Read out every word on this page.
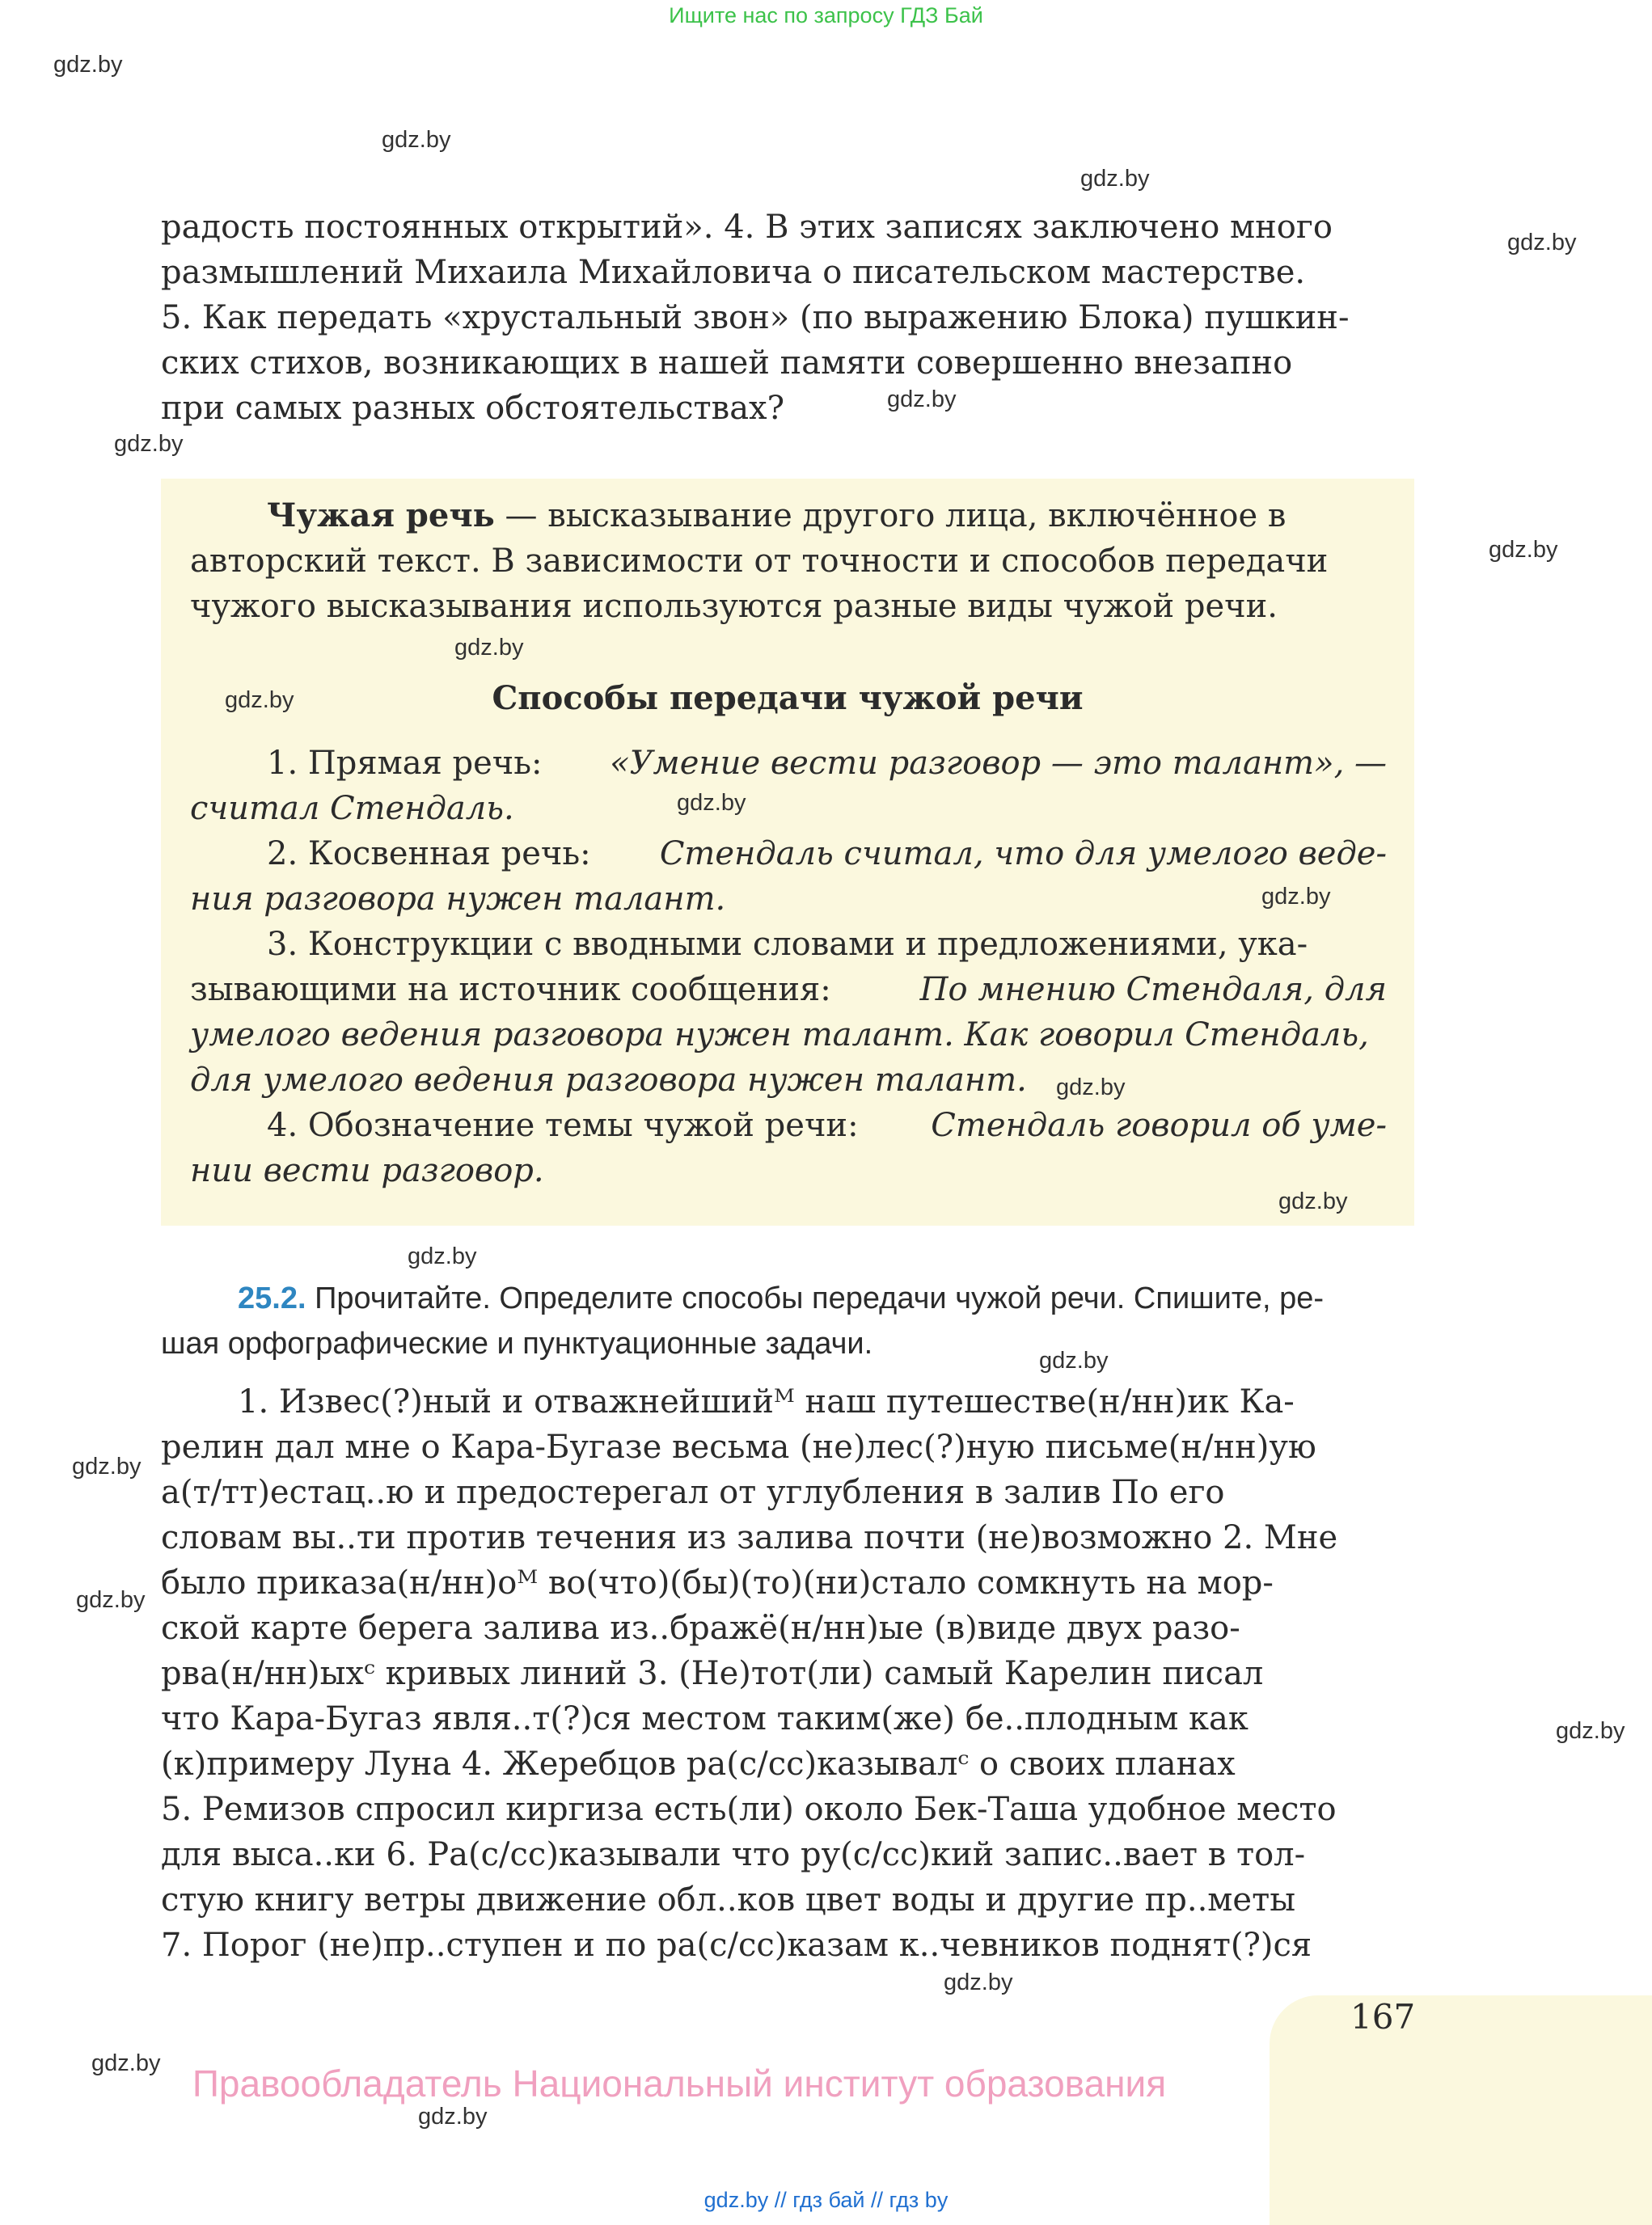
Ищите нас по запросу ГДЗ Бай
gdz.by
gdz.by
gdz.by
gdz.by
gdz.by
gdz.by
gdz.by
gdz.by
gdz.by
gdz.by
gdz.by
gdz.by
gdz.by
gdz.by
gdz.by
gdz.by
gdz.by
gdz.by
gdz.by
gdz.by
gdz.by
радость постоянных открытий». 4. В этих записях заключено много
размышлений Михаила Михайловича о писательском мастерстве.
5. Как передать «хрустальный звон» (по выражению Блока) пушкин-
ских стихов, возникающих в нашей памяти совершенно внезапно
при самых разных обстоятельствах?
Чужая речь — высказывание другого лица, включённое в
авторский текст. В зависимости от точности и способов передачи
чужого высказывания используются разные виды чужой речи.
Способы передачи чужой речи
1. Прямая речь: «Умение вести разговор — это талант», —
считал Стендаль.
2. Косвенная речь: Стендаль считал, что для умелого веде-
ния разговора нужен талант.
3. Конструкции с вводными словами и предложениями, ука-
зывающими на источник сообщения:	По мнению Стендаля, для
умелого ведения разговора нужен талант. Как говорил Стендаль,
для умелого ведения разговора нужен талант.
4. Обозначение темы чужой речи: Стендаль говорил об уме-
нии вести разговор.
25.2. Прочитайте. Определите способы передачи чужой речи. Спишите, ре-
шая орфографические и пунктуационные задачи.
1. Извес(?)ный и отважнейшийᴹ наш путешестве(н/нн)ик Ка-
релин дал мне о Кара-Бугазе весьма (не)лес(?)ную письме(н/нн)ую
а(т/тт)естац..ю и предостерегал от углубления в залив По его
словам вы..ти против течения из залива почти (не)возможно 2. Мне
было приказа(н/нн)оᴹ во(что)(бы)(то)(ни)стало сомкнуть на мор-
ской карте берега залива из..бражё(н/нн)ые (в)виде двух разо-
рва(н/нн)ыхᶜ кривых линий 3. (Не)тот(ли) самый Карелин писал
что Кара-Бугаз явля..т(?)ся местом таким(же) бе..плодным как
(к)примеру Луна 4. Жеребцов ра(с/сс)казывалᶜ о своих планах
5. Ремизов спросил киргиза есть(ли) около Бек-Таша удобное место
для выса..ки 6. Ра(с/сс)казывали что ру(с/сс)кий запис..вает в тол-
стую книгу ветры движение обл..ков цвет воды и другие пр..меты
7. Порог (не)пр..ступен и по ра(с/сс)казам к..чевников поднят(?)ся
167
Правообладатель Национальный институт образования
gdz.by // гдз бай // гдз by
